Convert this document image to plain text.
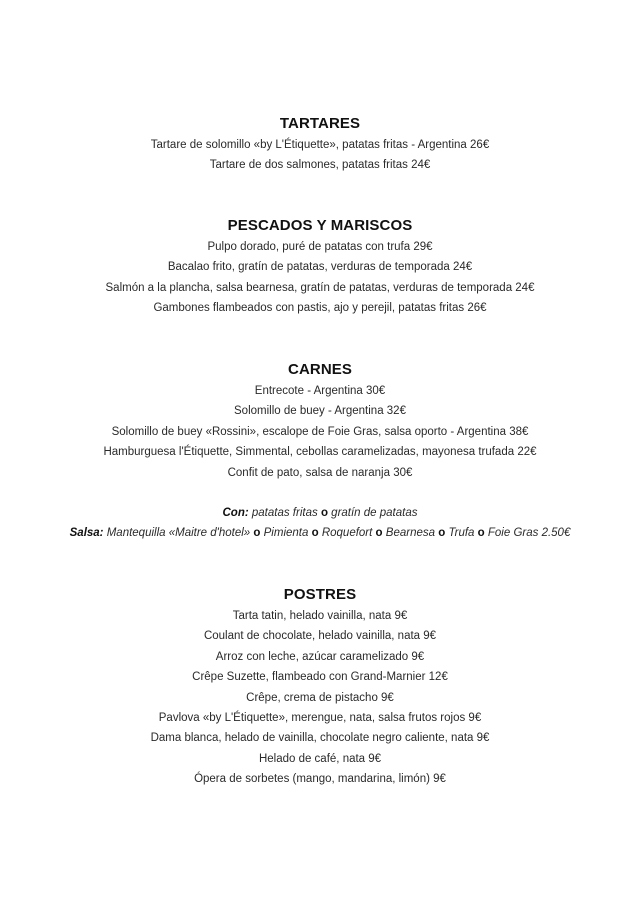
TARTARES
Tartare de solomillo «by L'Étiquette», patatas fritas - Argentina 26€
Tartare de dos salmones, patatas fritas 24€
PESCADOS Y MARISCOS
Pulpo dorado, puré de patatas con trufa 29€
Bacalao frito, gratín de patatas, verduras de temporada 24€
Salmón a la plancha, salsa bearnesa, gratín de patatas, verduras de temporada 24€
Gambones flambeados con pastis, ajo y perejil, patatas fritas 26€
CARNES
Entrecote - Argentina 30€
Solomillo de buey - Argentina 32€
Solomillo de buey «Rossini», escalope de Foie Gras, salsa oporto - Argentina 38€
Hamburguesa l'Étiquette, Simmental, cebollas caramelizadas, mayonesa trufada 22€
Confit de pato, salsa de naranja 30€
Con: patatas fritas o gratín de patatas
Salsa: Mantequilla «Maitre d'hotel» o Pimienta o Roquefort o Bearnesa o Trufa o Foie Gras 2.50€
POSTRES
Tarta tatin, helado vainilla, nata 9€
Coulant de chocolate, helado vainilla, nata 9€
Arroz con leche, azúcar caramelizado 9€
Crêpe Suzette, flambeado con Grand-Marnier 12€
Crêpe, crema de pistacho 9€
Pavlova «by L'Étiquette», merengue, nata, salsa frutos rojos 9€
Dama blanca, helado de vainilla, chocolate negro caliente, nata 9€
Helado de café, nata 9€
Ópera de sorbetes (mango, mandarina, limón) 9€
